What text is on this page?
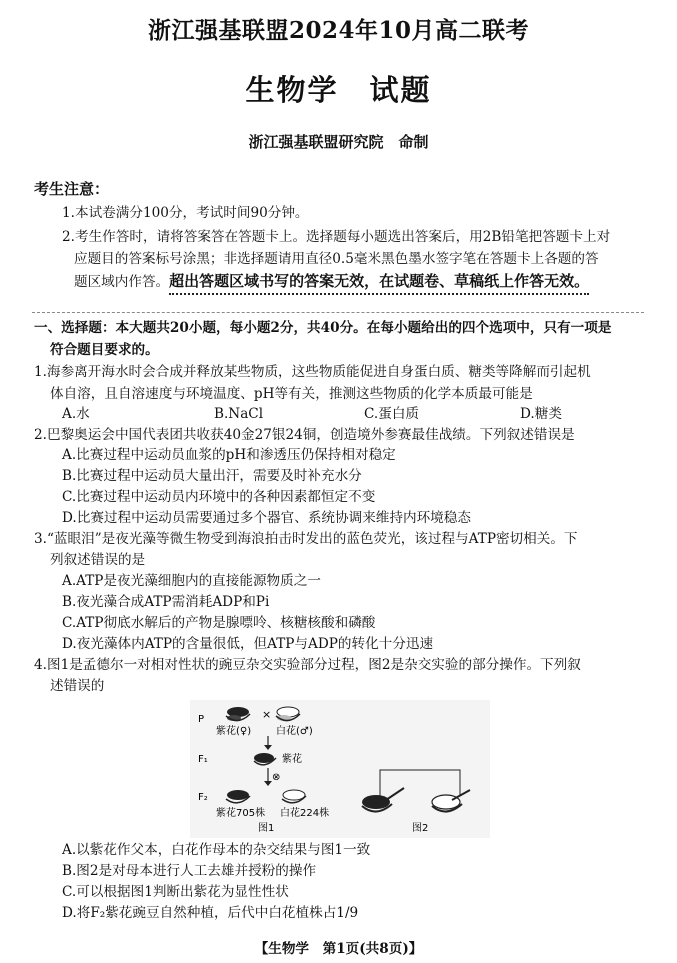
浙江强基联盟2024年10月高二联考
生物学　试题
浙江强基联盟研究院　命制
考生注意：
1.本试卷满分100分，考试时间90分钟。
2.考生作答时，请将答案答在答题卡上。选择题每小题选出答案后，用2B铅笔把答题卡上对
应题目的答案标号涂黑；非选择题请用直径0.5毫米黑色墨水签字笔在答题卡上各题的答
题区域内作答。超出答题区域书写的答案无效，在试题卷、草稿纸上作答无效。
一、选择题：本大题共20小题，每小题2分，共40分。在每小题给出的四个选项中，只有一项是
符合题目要求的。
1.海参离开海水时会合成并释放某些物质，这些物质能促进自身蛋白质、糖类等降解而引起机
体自溶，且自溶速度与环境温度、pH等有关，推测这些物质的化学本质最可能是
A.水	B.NaCl	C.蛋白质	D.糖类
2.巴黎奥运会中国代表团共收获40金27银24铜，创造境外参赛最佳战绩。下列叙述错误是
A.比赛过程中运动员血浆的pH和渗透压仍保持相对稳定
B.比赛过程中运动员大量出汗，需要及时补充水分
C.比赛过程中运动员内环境中的各种因素都恒定不变
D.比赛过程中运动员需要通过多个器官、系统协调来维持内环境稳态
3.“蓝眼泪”是夜光藻等微生物受到海浪拍击时发出的蓝色荧光，该过程与ATP密切相关。下
列叙述错误的是
A.ATP是夜光藻细胞内的直接能源物质之一
B.夜光藻合成ATP需消耗ADP和Pi
C.ATP彻底水解后的产物是腺嘌呤、核糖核酸和磷酸
D.夜光藻体内ATP的含量很低，但ATP与ADP的转化十分迅速
4.图1是孟德尔一对相对性状的豌豆杂交实验部分过程，图2是杂交实验的部分操作。下列叙
述错误的
P
F₁
F₂
×
紫花(♀) 白花(♂)
紫花
⊗
紫花705株 白花224株
图1	图2
A.以紫花作父本，白花作母本的杂交结果与图1一致
B.图2是对母本进行人工去雄并授粉的操作
C.可以根据图1判断出紫花为显性性状
D.将F₂紫花豌豆自然种植，后代中白花植株占1/9
【生物学　第1页(共8页)】
